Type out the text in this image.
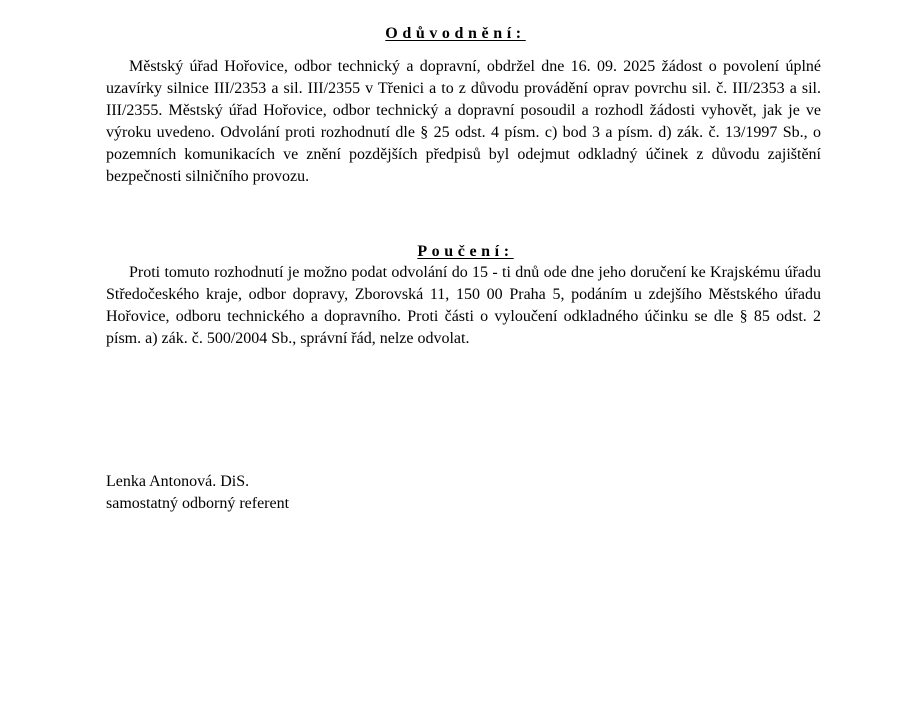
Odůvodnění:

Městský úřad Hořovice, odbor technický a dopravní, obdržel dne 16. 09. 2025 žádost o povolení úplné uzavírky silnice III/2353 a sil. III/2355 v Třenici a to z důvodu provádění oprav povrchu sil. č. III/2353 a sil. III/2355. Městský úřad Hořovice, odbor technický a dopravní posoudil a rozhodl žádosti vyhovět, jak je ve výroku uvedeno. Odvolání proti rozhodnutí dle § 25 odst. 4 písm. c) bod 3 a písm. d) zák. č. 13/1997 Sb., o pozemních komunikacích ve znění pozdějších předpisů byl odejmut odkladný účinek z důvodu zajištění bezpečnosti silničního provozu.

Poučení:

Proti tomuto rozhodnutí je možno podat odvolání do 15 - ti dnů ode dne jeho doručení ke Krajskému úřadu Středočeského kraje, odbor dopravy, Zborovská 11, 150 00 Praha 5, podáním u zdejšího Městského úřadu Hořovice, odboru technického a dopravního. Proti části o vyloučení odkladného účinku se dle § 85 odst. 2 písm. a) zák. č. 500/2004 Sb., správní řád, nelze odvolat.

Lenka Antonová. DiS.
samostatný odborný referent
